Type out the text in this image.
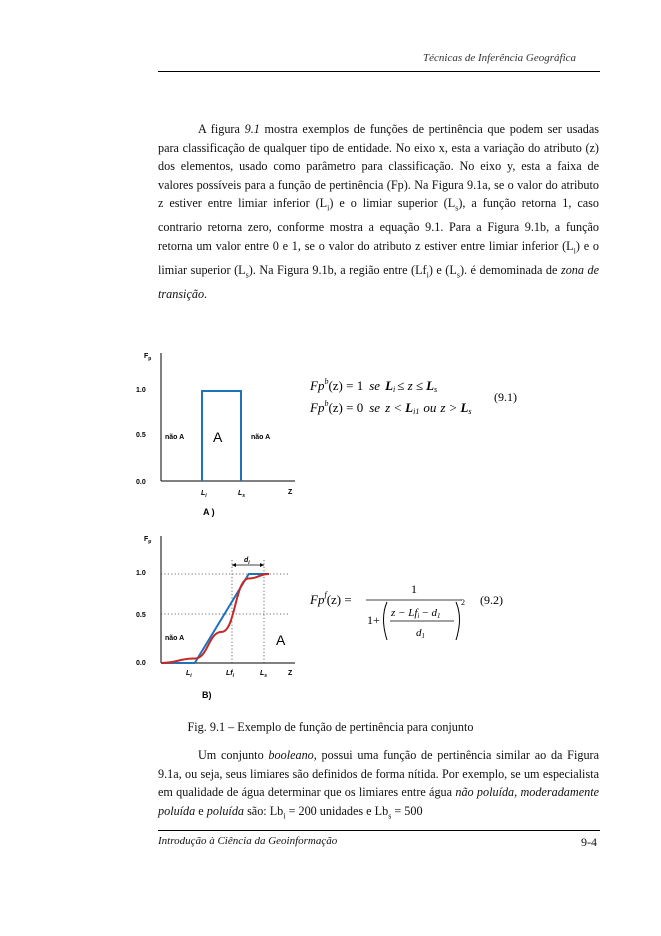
Técnicas de Inferência Geográfica

A figura 9.1 mostra exemplos de funções de pertinência que podem ser usadas para classificação de qualquer tipo de entidade. No eixo x, esta a variação do atributo (z) dos elementos, usado como parâmetro para classificação. No eixo y, esta a faixa de valores possíveis para a função de pertinência (Fp). Na Figura 9.1a, se o valor do atributo z estiver entre limiar inferior $(L_i)$ e o limiar superior $(L_s)$, a função retorna 1, caso contrario retorna zero, conforme mostra a equação 9.1. Para a Figura 9.1b, a função retorna um valor entre 0 e 1, se o valor do atributo z estiver entre limiar inferior $(L_i)$ e o limiar superior $(L_s)$. Na Figura 9.1b, a região entre $(Lf_i)$ e $(L_s)$. é demominada de zona de transição.

$F_p$
1.0
0.5
0.0
não A A	não A
$L_i$	$L_s$	Z
A )
$F_p$
$d_i$
1.0
0.5
0.0
não A	A
$L_i$	$Lf_i$	$L_s$	Z
B)
$Fp^b(z) = 1$ se Li ≤ z ≤ Ls
$Fp^b(z) = 0$ se z < Li1 ou z > Ls
(9.1)
$Fp^f(z)$ =
1
1+ z − Lfi − d1
d1
2 (9.2)
Fig. 9.1 – Exemplo de função de pertinência para conjunto

Um conjunto booleano, possui uma função de pertinência similar ao da Figura 9.1a, ou seja, seus limiares são definidos de forma nítida. Por exemplo, se um especialista em qualidade de água determinar que os limiares entre água não poluída, moderadamente poluída e poluída são: $Lb_i = 200$ unidades e $Lb_s = 500$

Introdução à Ciência da Geoinformação	9-4
